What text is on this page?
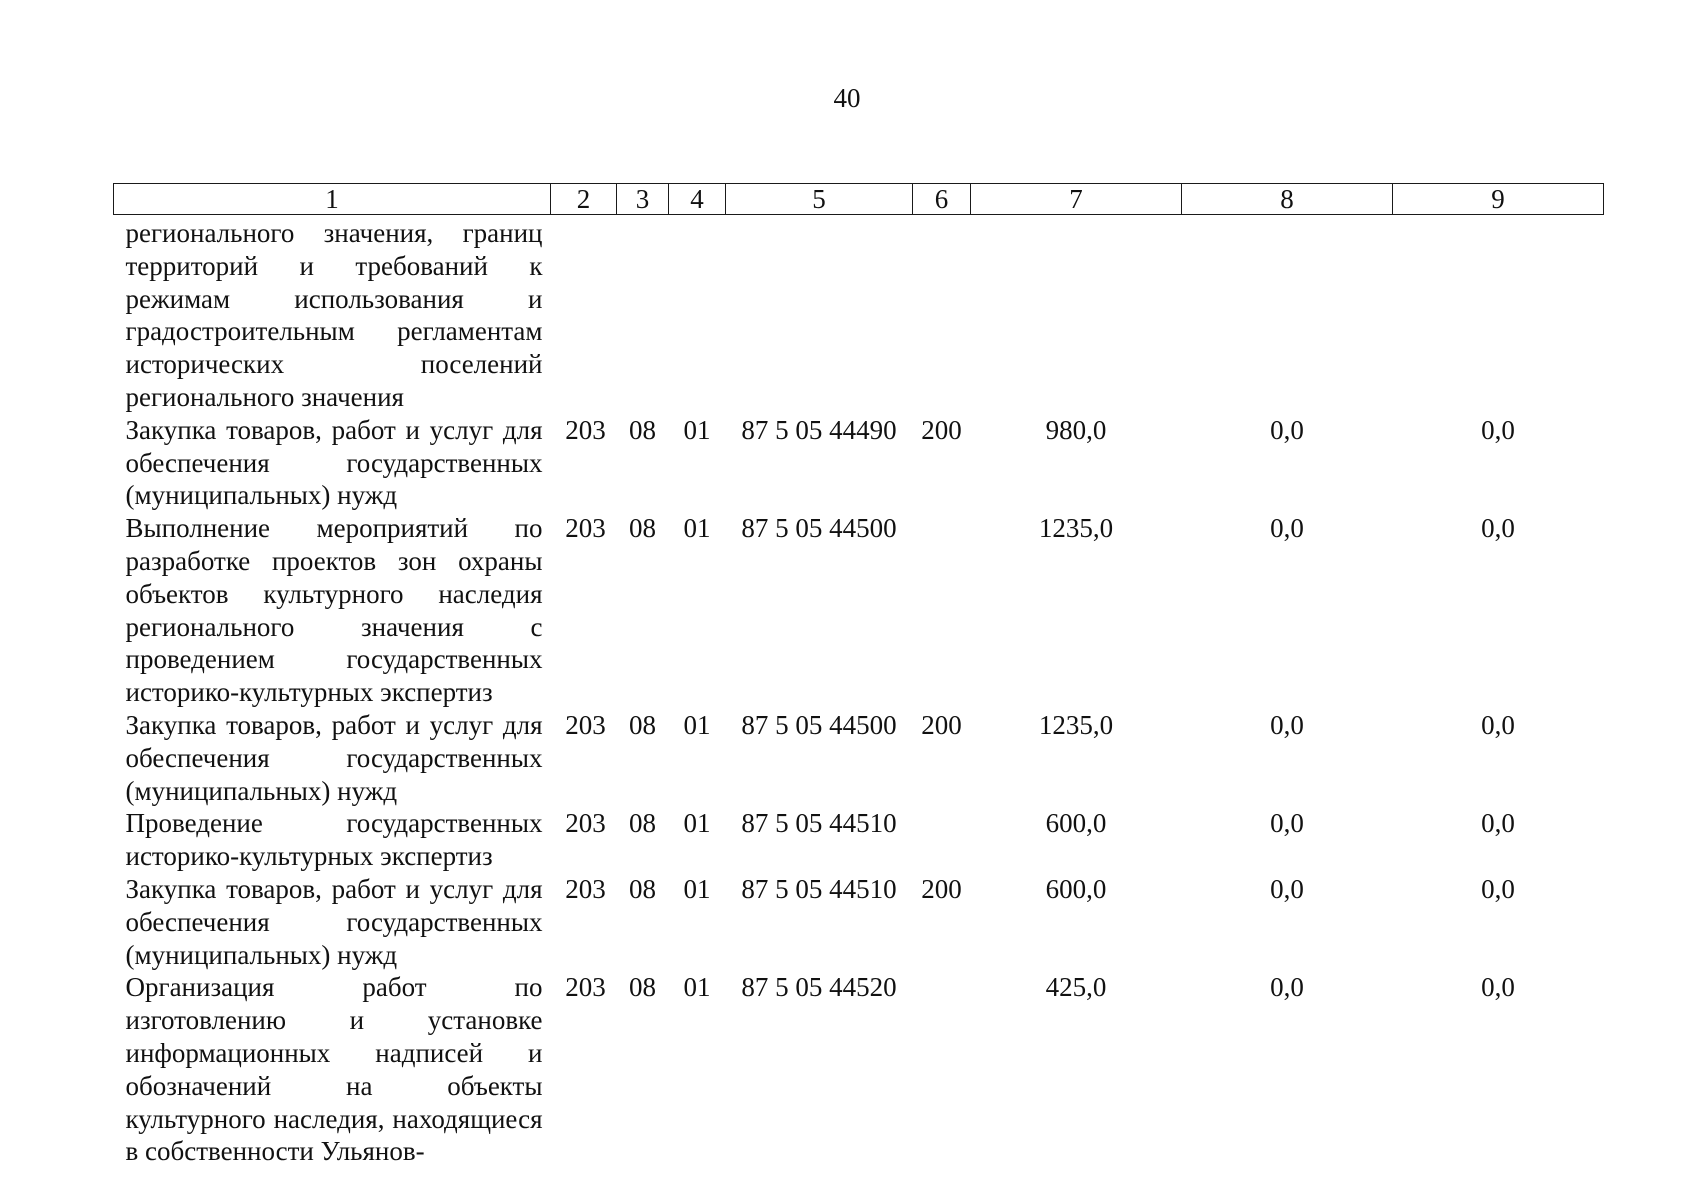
40
1	2	3	4	5	6	7	8	9
регионального значения, границ территорий и требований к режимам использования и градостроительным регламентам исторических поселений регионального значения								
Закупка товаров, работ и услуг для обеспечения государственных (муниципальных) нужд	203	08	01	87 5 05 44490	200	980,0	0,0	0,0
Выполнение мероприятий по разработке проектов зон охраны объектов культурного наследия регионального значения с проведением государственных историко-культурных экспертиз	203	08	01	87 5 05 44500		1235,0	0,0	0,0
Закупка товаров, работ и услуг для обеспечения государственных (муниципальных) нужд	203	08	01	87 5 05 44500	200	1235,0	0,0	0,0
Проведение государственных историко-культурных экспертиз	203	08	01	87 5 05 44510		600,0	0,0	0,0
Закупка товаров, работ и услуг для обеспечения государственных (муниципальных) нужд	203	08	01	87 5 05 44510	200	600,0	0,0	0,0
Организация работ по изготовлению и установке информационных надписей и обозначений на объекты культурного наследия, находящиеся в собственности Ульянов-	203	08	01	87 5 05 44520		425,0	0,0	0,0
